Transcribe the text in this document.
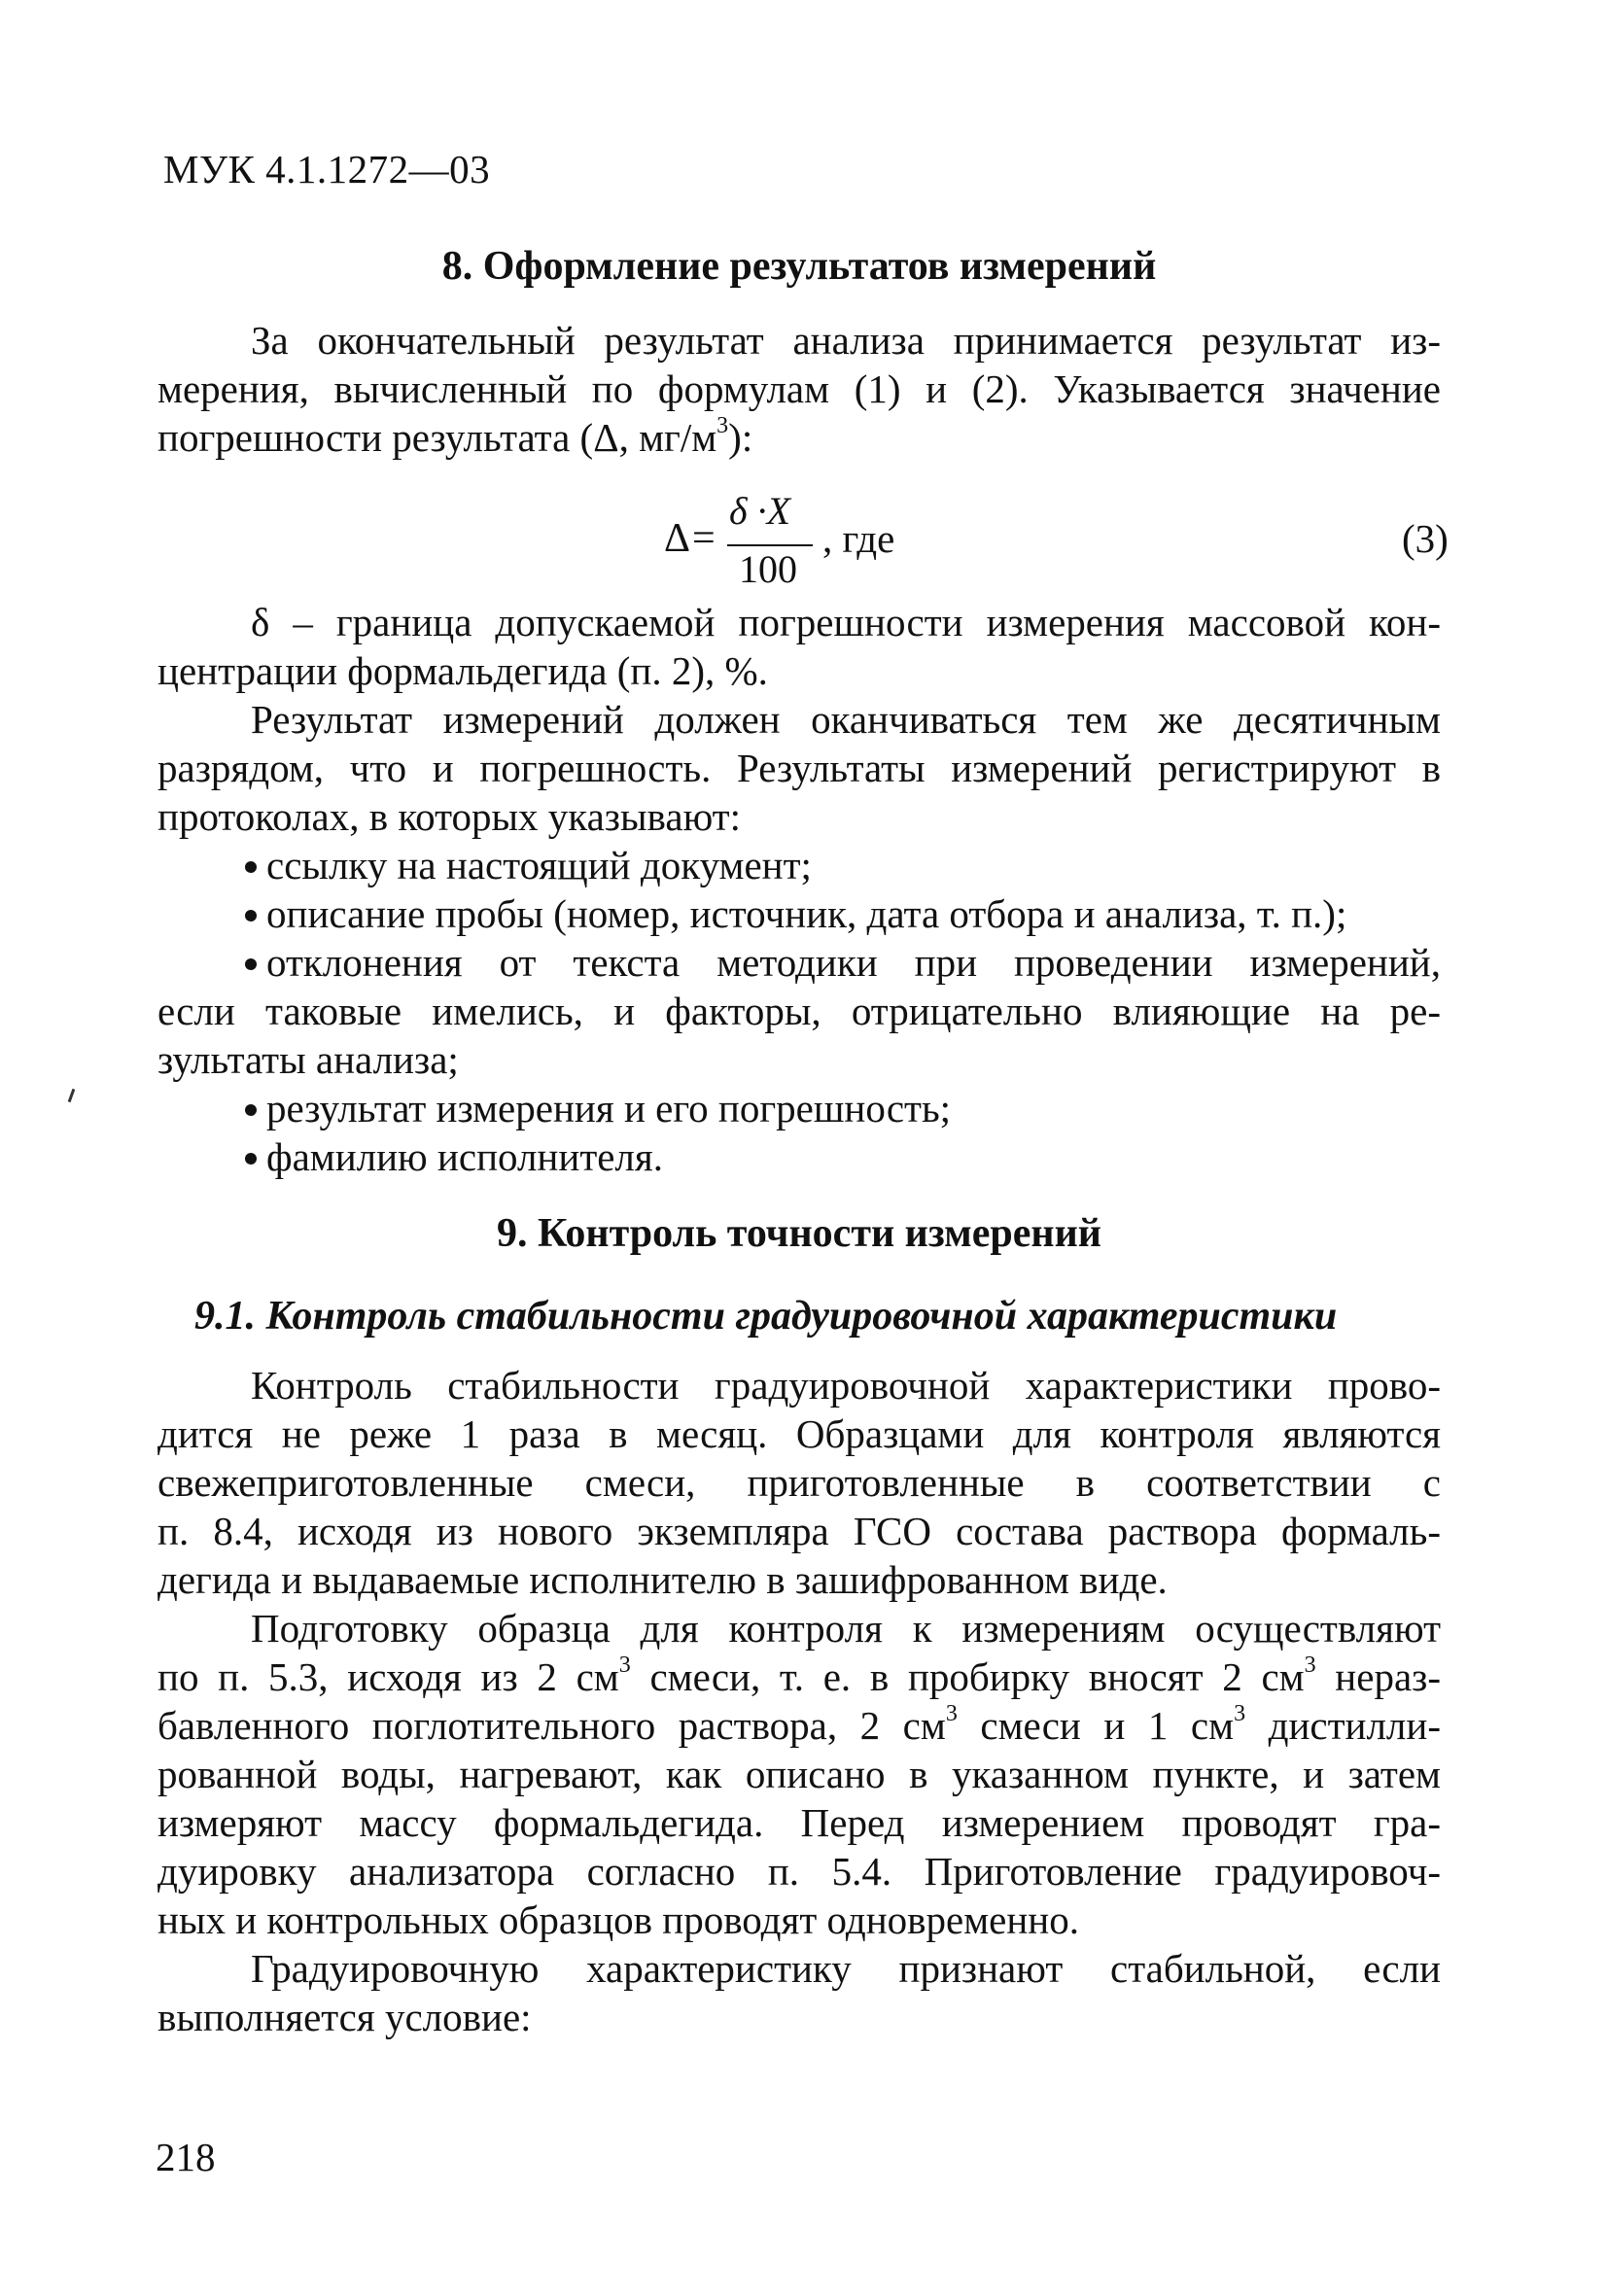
МУК 4.1.1272—03
8. Оформление результатов измерений
За окончательный результат анализа принимается результат из-
мерения, вычисленный по формулам (1) и (2). Указывается значение
погрешности результата (Δ, $мг/м^3$):
Δ =
δ ·X
100
, где	(3)
δ – граница допускаемой погрешности измерения массовой кон-
центрации формальдегида (п. 2), %.
Результат измерений должен оканчиваться тем же десятичным
разрядом, что и погрешность. Результаты измерений регистрируют в
протоколах, в которых указывают:
ссылку на настоящий документ;
описание пробы (номер, источник, дата отбора и анализа, т. п.);
отклонения от текста методики при проведении измерений,
если таковые имелись, и факторы, отрицательно влияющие на ре-
зультаты анализа;
результат измерения и его погрешность;
фамилию исполнителя.
9. Контроль точности измерений
9.1. Контроль стабильности градуировочной характеристики
Контроль стабильности градуировочной характеристики прово-
дится не реже 1 раза в месяц. Образцами для контроля являются
свежеприготовленные смеси, приготовленные в соответствии с
п. 8.4, исходя из нового экземпляра ГСО состава раствора формаль-
дегида и выдаваемые исполнителю в зашифрованном виде.
Подготовку образца для контроля к измерениям осуществляют
по п. 5.3, исходя из 2 $см^3$ смеси, т. е. в пробирку вносят 2 $см^3$ нераз-
бавленного поглотительного раствора, 2 $см^3$ смеси и 1 $см^3$ дистилли-
рованной воды, нагревают, как описано в указанном пункте, и затем
измеряют массу формальдегида. Перед измерением проводят гра-
дуировку анализатора согласно п. 5.4. Приготовление градуировоч-
ных и контрольных образцов проводят одновременно.
Градуировочную характеристику признают стабильной, если
выполняется условие:
218
